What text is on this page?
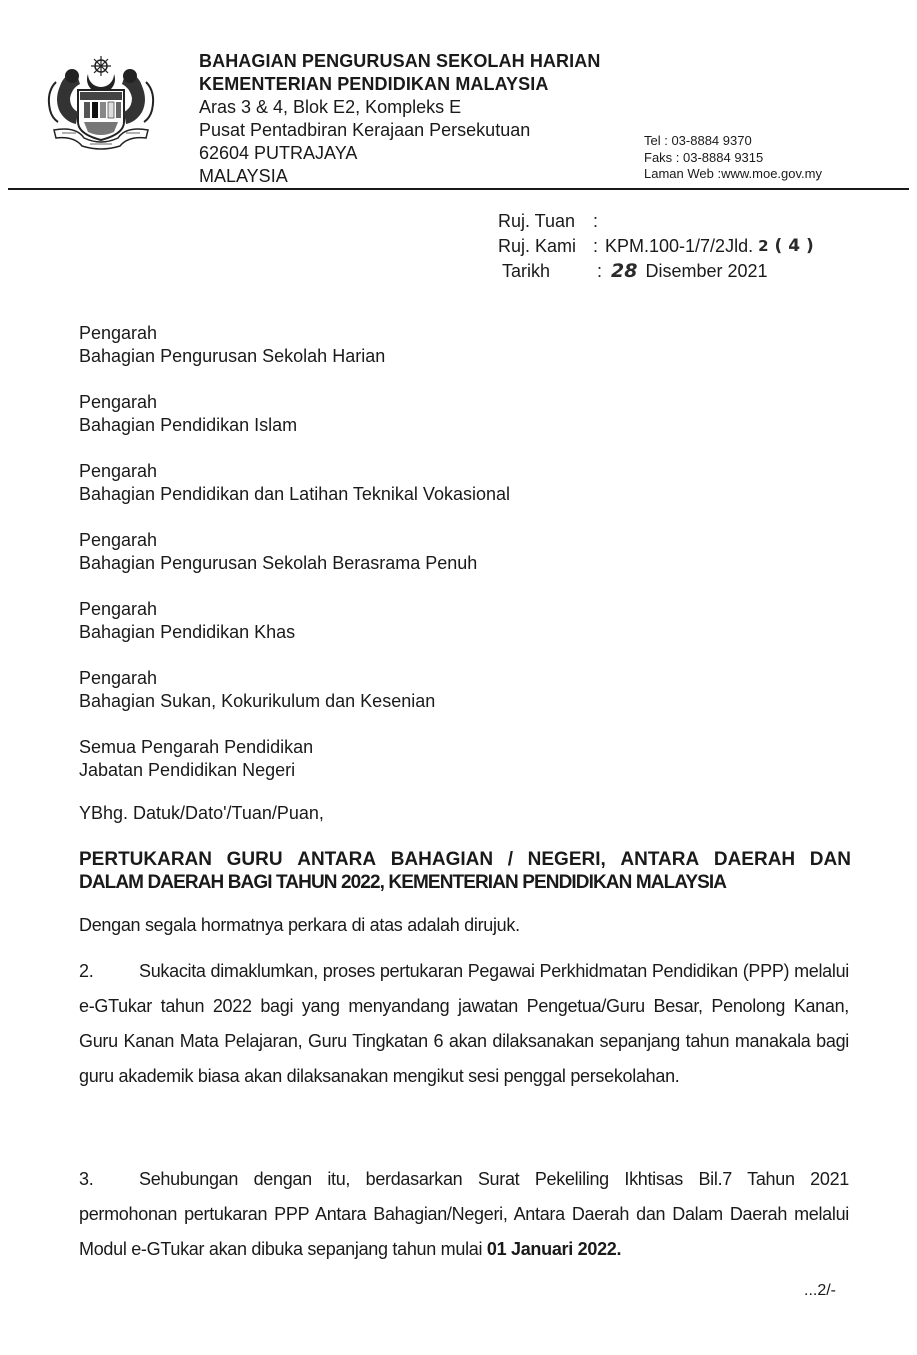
BAHAGIAN PENGURUSAN SEKOLAH HARIAN
KEMENTERIAN PENDIDIKAN MALAYSIA
Aras 3 & 4, Blok E2, Kompleks E
Pusat Pentadbiran Kerajaan Persekutuan
62604 PUTRAJAYA
MALAYSIA
Tel : 03-8884 9370
Faks : 03-8884 9315
Laman Web :www.moe.gov.my
Ruj. Tuan :
Ruj. Kami : KPM.100-1/7/2Jld. 2 ( 4 )
Tarikh	: 28 Disember 2021
Pengarah
Bahagian Pengurusan Sekolah Harian
Pengarah
Bahagian Pendidikan Islam
Pengarah
Bahagian Pendidikan dan Latihan Teknikal Vokasional
Pengarah
Bahagian Pengurusan Sekolah Berasrama Penuh
Pengarah
Bahagian Pendidikan Khas
Pengarah
Bahagian Sukan, Kokurikulum dan Kesenian
Semua Pengarah Pendidikan
Jabatan Pendidikan Negeri
YBhg. Datuk/Dato'/Tuan/Puan,
PERTUKARAN GURU ANTARA BAHAGIAN / NEGERI, ANTARA DAERAH DAN
DALAM DAERAH BAGI TAHUN 2022, KEMENTERIAN PENDIDIKAN MALAYSIA
Dengan segala hormatnya perkara di atas adalah dirujuk.
2.	Sukacita dimaklumkan, proses pertukaran Pegawai Perkhidmatan Pendidikan (PPP) melalui e-GTukar tahun 2022 bagi yang menyandang jawatan Pengetua/Guru Besar, Penolong Kanan, Guru Kanan Mata Pelajaran, Guru Tingkatan 6 akan dilaksanakan sepanjang tahun manakala bagi guru akademik biasa akan dilaksanakan mengikut sesi penggal persekolahan.
3.	Sehubungan dengan itu, berdasarkan Surat Pekeliling Ikhtisas Bil.7 Tahun 2021 permohonan pertukaran PPP Antara Bahagian/Negeri, Antara Daerah dan Dalam Daerah melalui Modul e-GTukar akan dibuka sepanjang tahun mulai 01 Januari 2022.
...2/-
